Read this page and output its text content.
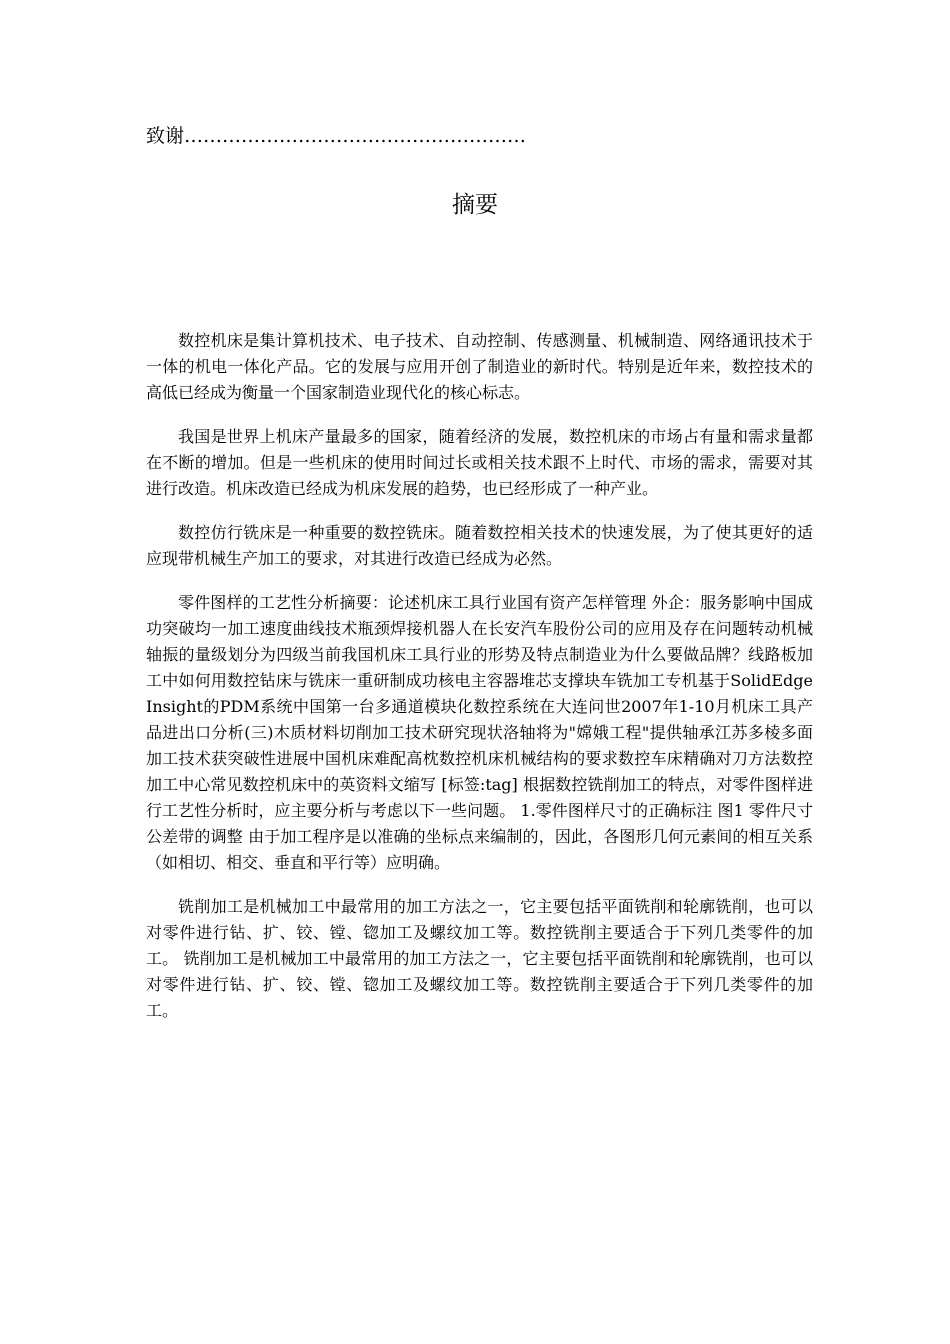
致谢………………………………………………
摘要

数控机床是集计算机技术、电子技术、自动控制、传感测量、机械制造、网络通讯技术于一体的机电一体化产品。它的发展与应用开创了制造业的新时代。特别是近年来，数控技术的高低已经成为衡量一个国家制造业现代化的核心标志。

我国是世界上机床产量最多的国家，随着经济的发展，数控机床的市场占有量和需求量都在不断的增加。但是一些机床的使用时间过长或相关技术跟不上时代、市场的需求，需要对其进行改造。机床改造已经成为机床发展的趋势，也已经形成了一种产业。

数控仿行铣床是一种重要的数控铣床。随着数控相关技术的快速发展，为了使其更好的适应现带机械生产加工的要求，对其进行改造已经成为必然。

零件图样的工艺性分析摘要：论述机床工具行业国有资产怎样管理 外企：服务影响中国成功突破均一加工速度曲线技术瓶颈焊接机器人在长安汽车股份公司的应用及存在问题转动机械轴振的量级划分为四级当前我国机床工具行业的形势及特点制造业为什么要做品牌？线路板加工中如何用数控钻床与铣床一重研制成功核电主容器堆芯支撑块车铣加工专机基于SolidEdge Insight的PDM系统中国第一台多通道模块化数控系统在大连问世2007年1-10月机床工具产品进出口分析(三)木质材料切削加工技术研究现状洛轴将为"嫦娥工程"提供轴承江苏多棱多面加工技术获突破性进展中国机床难配高枕数控机床机械结构的要求数控车床精确对刀方法数控加工中心常见数控机床中的英资料文缩写 [标签:tag] 根据数控铣削加工的特点，对零件图样进行工艺性分析时，应主要分析与考虑以下一些问题。 1.零件图样尺寸的正确标注 图1 零件尺寸公差带的调整 由于加工程序是以准确的坐标点来编制的，因此，各图形几何元素间的相互关系（如相切、相交、垂直和平行等）应明确。

铣削加工是机械加工中最常用的加工方法之一，它主要包括平面铣削和轮廓铣削，也可以对零件进行钻、扩、铰、镗、锪加工及螺纹加工等。数控铣削主要适合于下列几类零件的加工。 铣削加工是机械加工中最常用的加工方法之一，它主要包括平面铣削和轮廓铣削，也可以对零件进行钻、扩、铰、镗、锪加工及螺纹加工等。数控铣削主要适合于下列几类零件的加工。
